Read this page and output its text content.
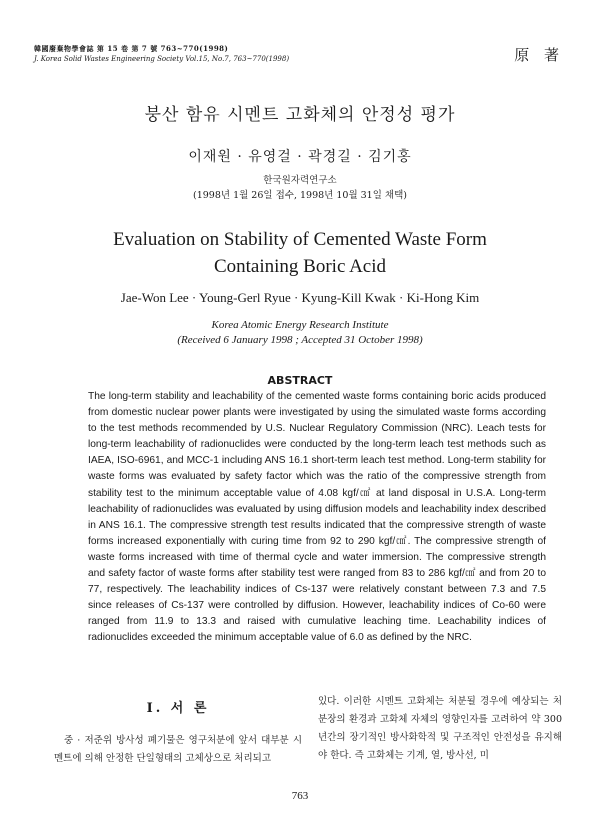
韓國廢棄物學會誌 第 15 卷 第 7 號 763~770(1998)
J. Korea Solid Wastes Engineering Society Vol.15, No.7, 763~770(1998)	原 著
붕산 함유 시멘트 고화체의 안정성 평가
이재원 · 유영걸 · 곽경길 · 김기홍
한국원자력연구소
(1998년 1월 26일 접수, 1998년 10월 31일 채택)
Evaluation on Stability of Cemented Waste Form
Containing Boric Acid
Jae-Won Lee · Young-Gerl Ryue · Kyung-Kill Kwak · Ki-Hong Kim
Korea Atomic Energy Research Institute
(Received 6 January 1998 ; Accepted 31 October 1998)
ABSTRACT

The long-term stability and leachability of the cemented waste forms containing boric acids produced from domestic nuclear power plants were investigated by using the simulated waste forms according to the test methods recommended by U.S. Nuclear Regulatory Commission (NRC). Leach tests for long-term leachability of radionuclides were conducted by the long-term leach test methods such as IAEA, ISO-6961, and MCC-1 including ANS 16.1 short-term leach test method. Long-term stability for waste forms was evaluated by safety factor which was the ratio of the compressive strength from stability test to the minimum acceptable value of 4.08 kgf/㎠ at land disposal in U.S.A. Long-term leachability of radionuclides was evaluated by using diffusion models and leachability index described in ANS 16.1. The compressive strength test results indicated that the compressive strength of waste forms increased exponentially with curing time from 92 to 290 kgf/㎠. The compressive strength of waste forms increased with time of thermal cycle and water immersion. The compressive strength and safety factor of waste forms after stability test were ranged from 83 to 286 kgf/㎠ and from 20 to 77, respectively. The leachability indices of Cs-137 were relatively constant between 7.3 and 7.5 since releases of Cs-137 were controlled by diffusion. However, leachability indices of Co-60 were ranged from 11.9 to 13.3 and raised with cumulative leaching time. Leachability indices of radionuclides exceeded the minimum acceptable value of 6.0 as defined by the NRC.

I. 서 론

중 · 저준위 방사성 폐기물은 영구처분에 앞서 대부분 시멘트에 의해 안정한 단일형태의 고체상으로 처리되고

있다. 이러한 시멘트 고화체는 처분될 경우에 예상되는 처분장의 환경과 고화체 자체의 영향인자를 고려하여 약 300년간의 장기적인 방사화학적 및 구조적인 안전성을 유지해야 한다. 즉 고화체는 기계, 열, 방사선, 미

763
